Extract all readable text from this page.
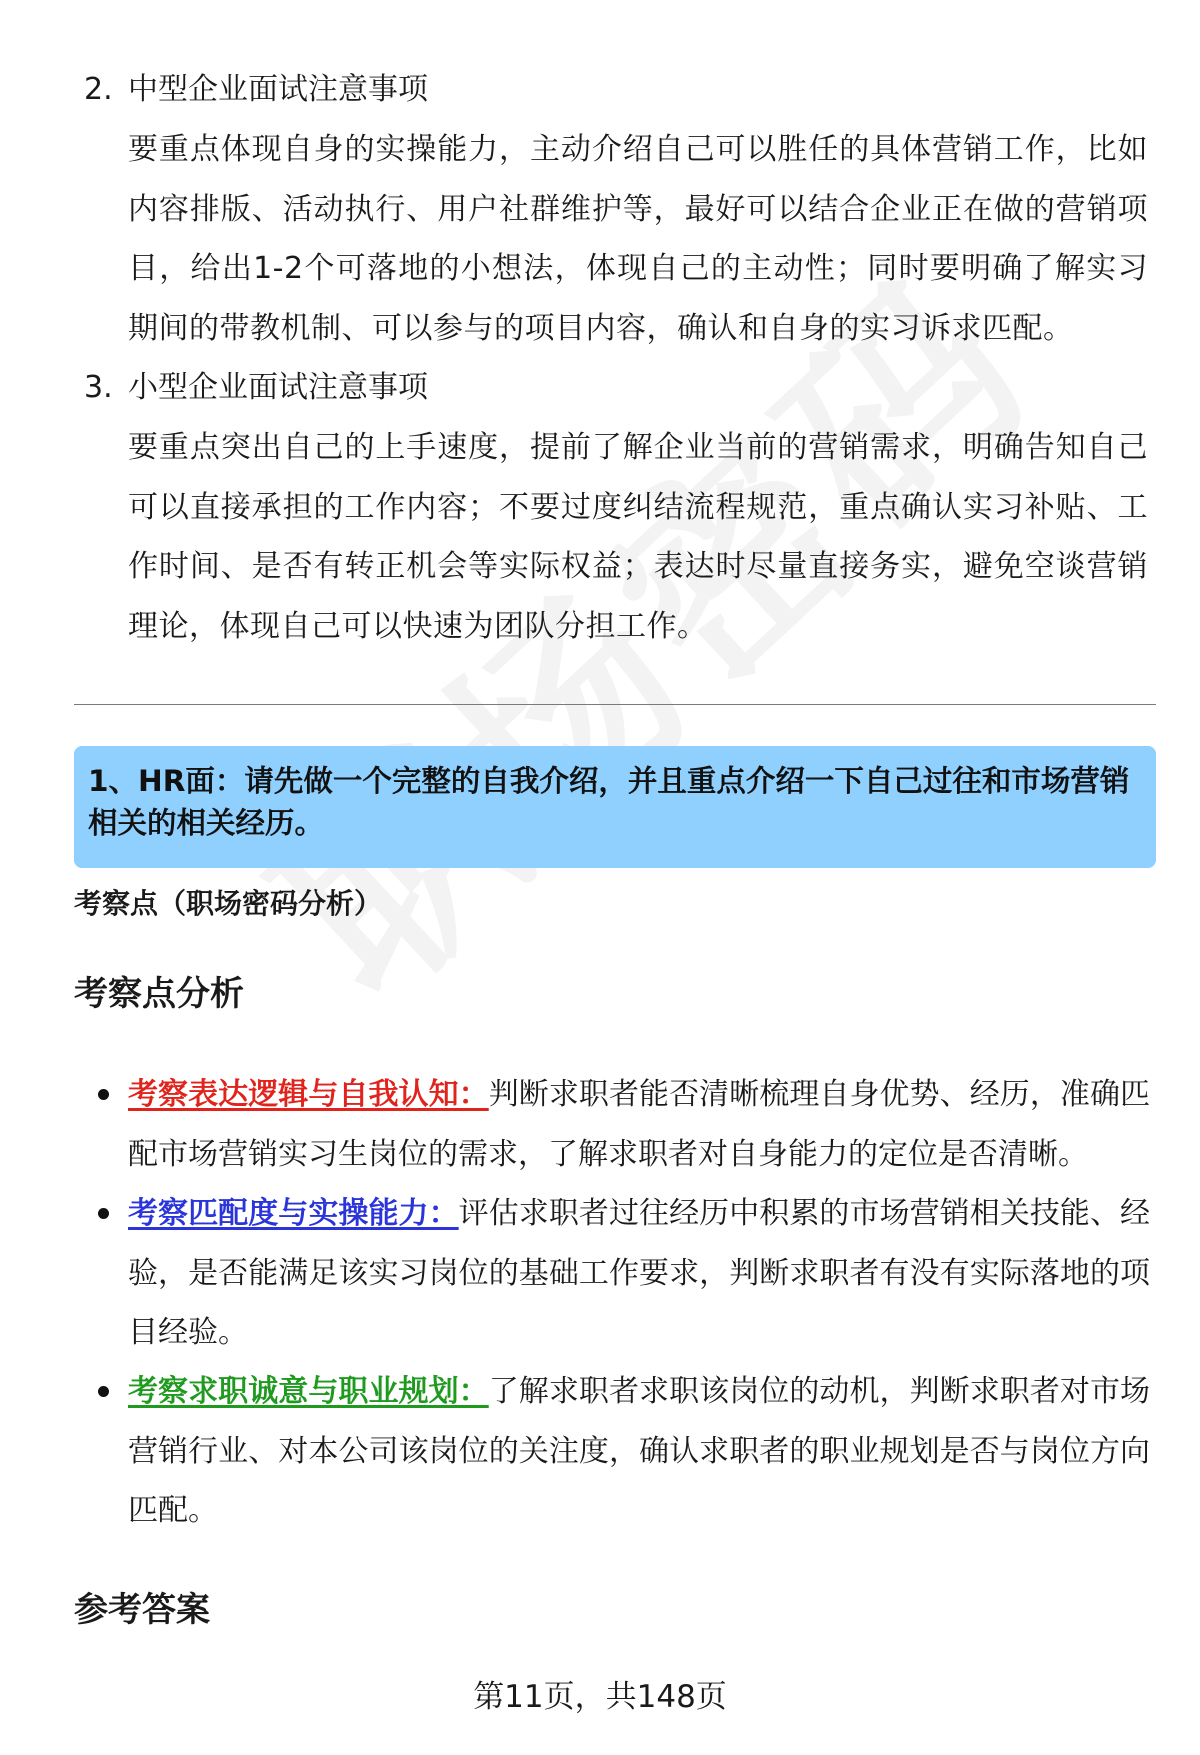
2. 中型企业面试注意事项
要重点体现自身的实操能力，主动介绍自己可以胜任的具体营销工作，比如内容排版、活动执行、用户社群维护等，最好可以结合企业正在做的营销项目，给出1-2个可落地的小想法，体现自己的主动性；同时要明确了解实习期间的带教机制、可以参与的项目内容，确认和自身的实习诉求匹配。
3. 小型企业面试注意事项
要重点突出自己的上手速度，提前了解企业当前的营销需求，明确告知自己可以直接承担的工作内容；不要过度纠结流程规范，重点确认实习补贴、工作时间、是否有转正机会等实际权益；表达时尽量直接务实，避免空谈营销理论，体现自己可以快速为团队分担工作。
1、HR面：请先做一个完整的自我介绍，并且重点介绍一下自己过往和市场营销相关的相关经历。
考察点（职场密码分析）
考察点分析
考察表达逻辑与自我认知：判断求职者能否清晰梳理自身优势、经历，准确匹配市场营销实习生岗位的需求，了解求职者对自身能力的定位是否清晰。
考察匹配度与实操能力：评估求职者过往经历中积累的市场营销相关技能、经验，是否能满足该实习岗位的基础工作要求，判断求职者有没有实际落地的项目经验。
考察求职诚意与职业规划：了解求职者求职该岗位的动机，判断求职者对市场营销行业、对本公司该岗位的关注度，确认求职者的职业规划是否与岗位方向匹配。
参考答案
第11页，共148页
